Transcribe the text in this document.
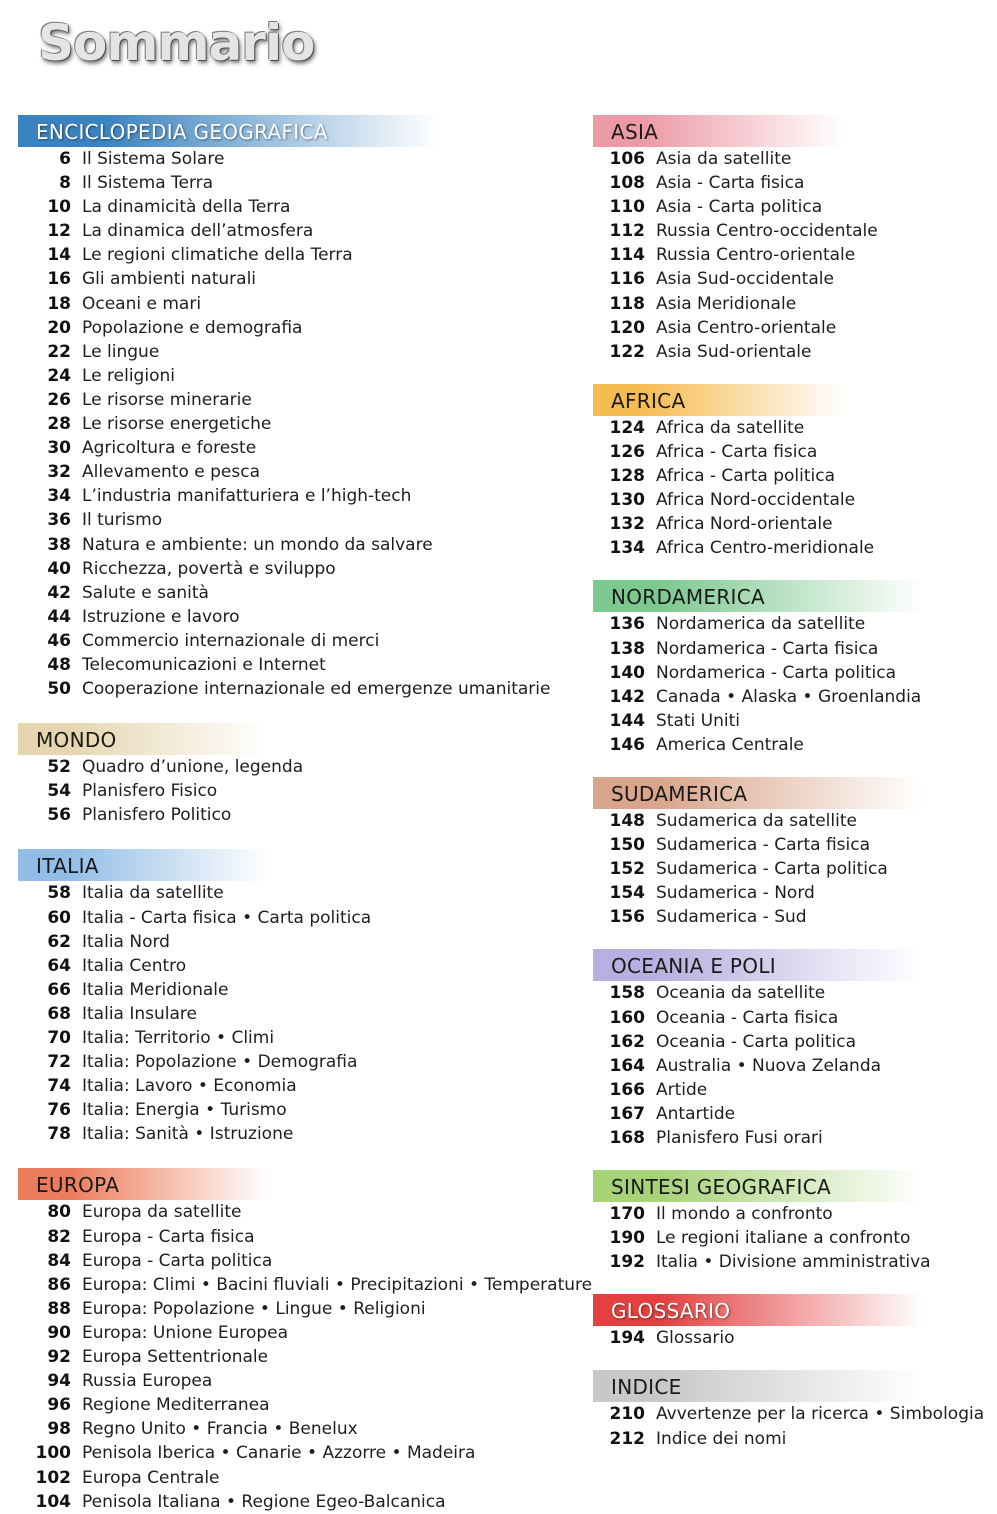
Sommario
ENCICLOPEDIA GEOGRAFICA
6 Il Sistema Solare
8 Il Sistema Terra
10 La dinamicità della Terra
12 La dinamica dell’atmosfera
14 Le regioni climatiche della Terra
16 Gli ambienti naturali
18 Oceani e mari
20 Popolazione e demografia
22 Le lingue
24 Le religioni
26 Le risorse minerarie
28 Le risorse energetiche
30 Agricoltura e foreste
32 Allevamento e pesca
34 L’industria manifatturiera e l’high-tech
36 Il turismo
38 Natura e ambiente: un mondo da salvare
40 Ricchezza, povertà e sviluppo
42 Salute e sanità
44 Istruzione e lavoro
46 Commercio internazionale di merci
48 Telecomunicazioni e Internet
50 Cooperazione internazionale ed emergenze umanitarie
MONDO
52 Quadro d’unione, legenda
54 Planisfero Fisico
56 Planisfero Politico
ITALIA
58 Italia da satellite
60 Italia - Carta fisica • Carta politica
62 Italia Nord
64 Italia Centro
66 Italia Meridionale
68 Italia Insulare
70 Italia: Territorio • Climi
72 Italia: Popolazione • Demografia
74 Italia: Lavoro • Economia
76 Italia: Energia • Turismo
78 Italia: Sanità • Istruzione
EUROPA
80 Europa da satellite
82 Europa - Carta fisica
84 Europa - Carta politica
86 Europa: Climi • Bacini fluviali • Precipitazioni • Temperature
88 Europa: Popolazione • Lingue • Religioni
90 Europa: Unione Europea
92 Europa Settentrionale
94 Russia Europea
96 Regione Mediterranea
98 Regno Unito • Francia • Benelux
100 Penisola Iberica • Canarie • Azzorre • Madeira
102 Europa Centrale
104 Penisola Italiana • Regione Egeo-Balcanica
ASIA
106 Asia da satellite
108 Asia - Carta fisica
110 Asia - Carta politica
112 Russia Centro-occidentale
114 Russia Centro-orientale
116 Asia Sud-occidentale
118 Asia Meridionale
120 Asia Centro-orientale
122 Asia Sud-orientale
AFRICA
124 Africa da satellite
126 Africa - Carta fisica
128 Africa - Carta politica
130 Africa Nord-occidentale
132 Africa Nord-orientale
134 Africa Centro-meridionale
NORDAMERICA
136 Nordamerica da satellite
138 Nordamerica - Carta fisica
140 Nordamerica - Carta politica
142 Canada • Alaska • Groenlandia
144 Stati Uniti
146 America Centrale
SUDAMERICA
148 Sudamerica da satellite
150 Sudamerica - Carta fisica
152 Sudamerica - Carta politica
154 Sudamerica - Nord
156 Sudamerica - Sud
OCEANIA E POLI
158 Oceania da satellite
160 Oceania - Carta fisica
162 Oceania - Carta politica
164 Australia • Nuova Zelanda
166 Artide
167 Antartide
168 Planisfero Fusi orari
SINTESI GEOGRAFICA
170 Il mondo a confronto
190 Le regioni italiane a confronto
192 Italia • Divisione amministrativa
GLOSSARIO
194 Glossario
INDICE
210 Avvertenze per la ricerca • Simbologia
212 Indice dei nomi
